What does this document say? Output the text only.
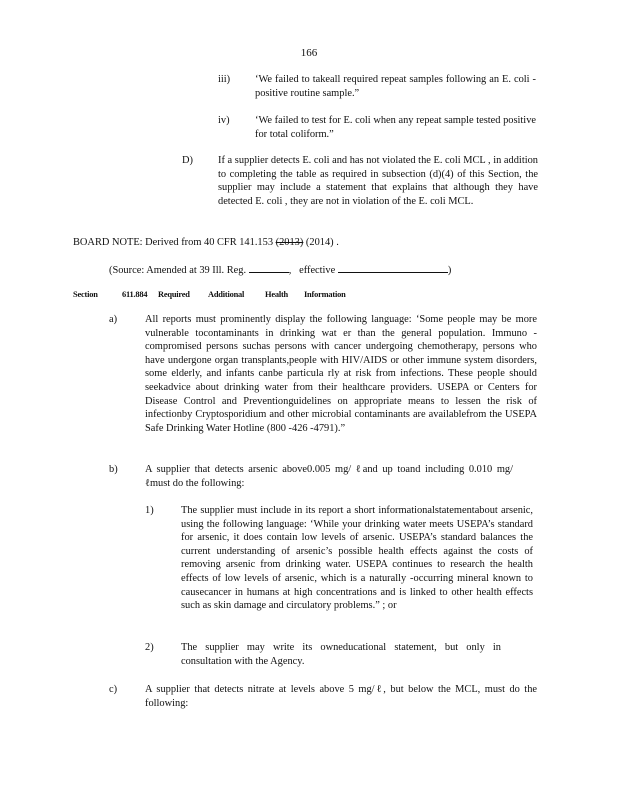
166
iii) ‘We failed to takeall required repeat samples following an E. coli -positive routine sample.”
iv) ‘We failed to test for E. coli when any repeat sample tested positive for total coliform.”
D) If a supplier detects E. coli and has not violated the E. coli MCL , in addition to completing the table as required in subsection (d)(4) of this Section, the supplier may include a statement that explains that although they have detected E. coli , they are not in violation of the E. coli MCL.
BOARD NOTE: Derived from 40 CFR 141.153 (2013) (2014) .
(Source: Amended at 39 Ill. Reg.	, effective	)
Section	611.884 Required Additional Health Information
a)	All reports must prominently display the following language: ‘Some people may be more vulnerable tocontaminants in drinking wat er than the general population. Immuno -compromised persons suchas persons with cancer undergoing chemotherapy, persons who have undergone organ transplants,people with HIV/AIDS or other immune system disorders, some elderly, and infants canbe particula rly at risk from infections. These people should seekadvice about drinking water from their healthcare providers. USEPA or Centers for Disease Control and Preventionguidelines on appropriate means to lessen the risk of infectionby Cryptosporidium and other microbial contaminants are availablefrom the USEPA Safe Drinking Water Hotline (800 -426 -4791).”
b)	A supplier that detects arsenic above0.005 mg/ ℓand up toand including 0.010 mg/ ℓmust do the following:
1)	The supplier must include in its report a short informationalstatementabout arsenic, using the following language: ‘While your drinking water meets USEPA’s standard for arsenic, it does contain low levels of arsenic. USEPA’s standard balances the current understanding of arsenic’s possible health effects against the costs of removing arsenic from drinking water. USEPA continues to research the health effects of low levels of arsenic, which is a naturally -occurring mineral known to causecancer in humans at high concentrations and is linked to other health effects such as skin damage and circulatory problems.” ; or
2)	The supplier may write its owneducational statement, but only in consultation with the Agency.
c)	A supplier that detects nitrate at levels above 5 mg/ℓ, but below the MCL, must do the following:
